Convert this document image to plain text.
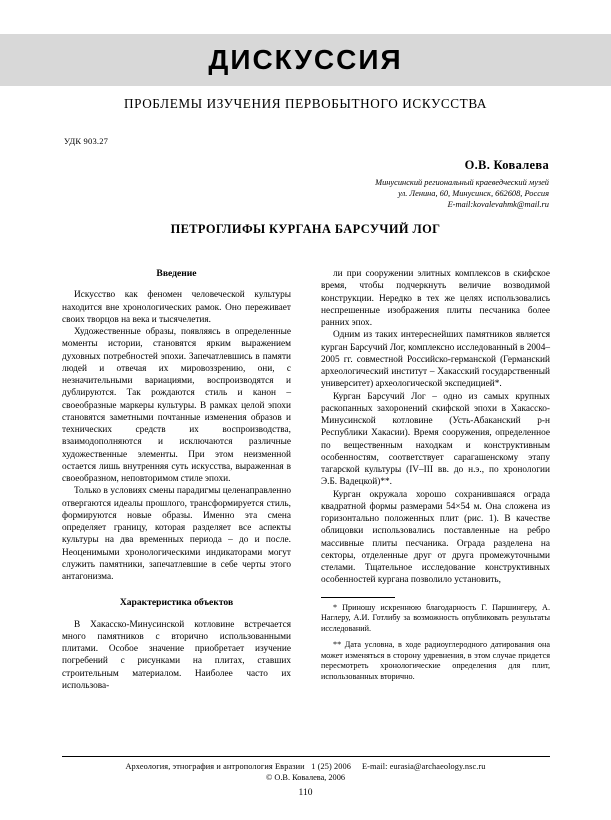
ДИСКУССИЯ
ПРОБЛЕМЫ ИЗУЧЕНИЯ ПЕРВОБЫТНОГО ИСКУССТВА
УДК 903.27
О.В. Ковалева
Минусинский региональный краеведческий музей
ул. Ленина, 60, Минусинск, 662608, Россия
E-mail:kovalevahmk@mail.ru
ПЕТРОГЛИФЫ КУРГАНА БАРСУЧИЙ ЛОГ
Введение

Искусство как феномен человеческой культуры находится вне хронологических рамок. Оно переживает своих творцов на века и тысячелетия.

Художественные образы, появляясь в определенные моменты истории, становятся ярким выражением духовных потребностей эпохи. Запечатлевшись в памяти людей и отвечая их мировоззрению, они, с незначительными вариациями, воспроизводятся и дублируются. Так рождаются стиль и канон – своеобразные маркеры культуры. В рамках целой эпохи становятся заметными почтанные изменения образов и технических средств их воспроизводства, взаимодополняются и исключаются различные художественные элементы. При этом неизменной остается лишь внутренняя суть искусства, выраженная в своеобразном, неповторимом стиле эпохи.

Только в условиях смены парадигмы целенаправленно отвергаются идеалы прошлого, трансформируется стиль, формируются новые образы. Именно эта смена определяет границу, которая разделяет все аспекты культуры на два временных периода – до и после. Неоценимыми хронологическими индикаторами могут служить памятники, запечатлевшие в себе черты этого антагонизма.

Характеристика объектов

В Хакасско-Минусинской котловине встречается много памятников с вторично использованными плитами. Особое значение приобретает изучение погребений с рисунками на плитах, ставших строительным материалом. Наиболее часто их использова-

ли при сооружении элитных комплексов в скифское время, чтобы подчеркнуть величие возводимой конструкции. Нередко в тех же целях использовались неспрешенные изображения плиты песчаника более ранних эпох.

Одним из таких интереснейших памятников является курган Барсучий Лог, комплексно исследованный в 2004–2005 гг. совместной Российско-германской (Германский археологический институт – Хакасский государственный университет) археологической экспедицией*.

Курган Барсучий Лог – одно из самых крупных раскопанных захоронений скифской эпохи в Хакасско-Минусинской котловине (Усть-Абаканский р-н Республики Хакасии). Время сооружения, определенное по вещественным находкам и конструктивным особенностям, соответствует сарагашенскому этапу тагарской культуры (IV–III вв. до н.э., по хронологии Э.Б. Вадецкой)**.

Курган окружала хорошо сохранившаяся ограда квадратной формы размерами 54×54 м. Она сложена из горизонтально положенных плит (рис. 1). В качестве облицовки использовались поставленные на ребро массивные плиты песчаника. Ограда разделена на секторы, отделенные друг от друга промежуточными стелами. Тщательное исследование конструктивных особенностей кургана позволило установить,

* Приношу искреннюю благодарность Г. Паршингеру, А. Наглеру, А.И. Готлибу за возможность опубликовать результаты исследований.

** Дата условна, в ходе радиоуглеродного датирования она может изменяться в сторону удревнения, в этом случае придется пересмотреть хронологические определения для плит, использованных вторично.

Археология, этнография и антропология Евразии 1 (25) 2006 E-mail: eurasia@archaeology.nsc.ru
© О.В. Ковалева, 2006
110
